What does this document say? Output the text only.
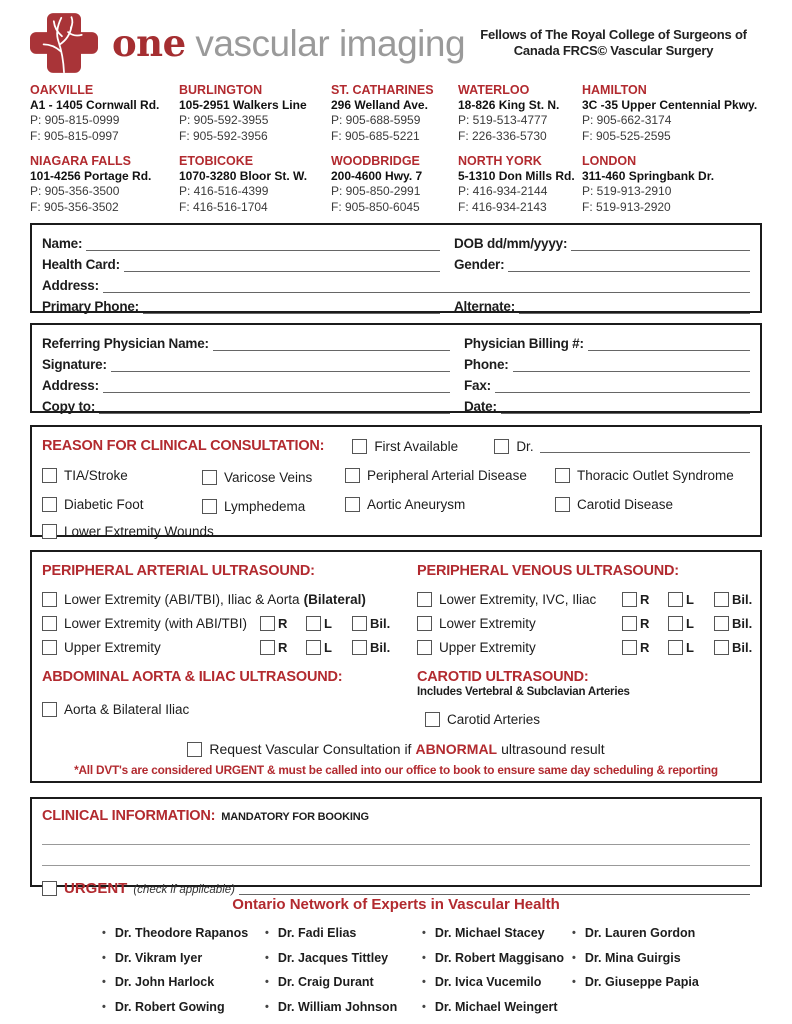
one vascular imaging	Fellows of The Royal College of Surgeons of
Canada FRCS© Vascular Surgery
OAKVILLE
A1 - 1405 Cornwall Rd.
P: 905-815-0999
F: 905-815-0997
BURLINGTON
105-2951 Walkers Line
P: 905-592-3955
F: 905-592-3956
ST. CATHARINES
296 Welland Ave.
P: 905-688-5959
F: 905-685-5221
WATERLOO
18-826 King St. N.
P: 519-513-4777
F: 226-336-5730
HAMILTON
3C -35 Upper Centennial Pkwy.
P: 905-662-3174
F: 905-525-2595
NIAGARA FALLS
101-4256 Portage Rd.
P: 905-356-3500
F: 905-356-3502
ETOBICOKE
1070-3280 Bloor St. W.
P: 416-516-4399
F: 416-516-1704
WOODBRIDGE
200-4600 Hwy. 7
P: 905-850-2991
F: 905-850-6045
NORTH YORK
5-1310 Don Mills Rd.
P: 416-934-2144
F: 416-934-2143
LONDON
311-460 Springbank Dr.
P: 519-913-2910
F: 519-913-2920
Name:	DOB dd/mm/yyyy:
Health Card:	Gender:
Address:
Primary Phone:	Alternate:
Referring Physician Name:	Physician Billing #:
Signature:	Phone:
Address:	Fax:
Copy to:	Date:
REASON FOR CLINICAL CONSULTATION:	First Available	Dr.
TIA/Stroke	Varicose Veins	Peripheral Arterial Disease	Thoracic Outlet Syndrome
Diabetic Foot	Lymphedema	Aortic Aneurysm	Carotid Disease
Lower Extremity Wounds
PERIPHERAL ARTERIAL ULTRASOUND:
Lower Extremity (ABI/TBI), Iliac & Aorta (Bilateral)
Lower Extremity (with ABI/TBI) R	L	Bil.
Upper Extremity	R	L	Bil.
PERIPHERAL VENOUS ULTRASOUND:
Lower Extremity, IVC, Iliac	R	L	Bil.
Lower Extremity	R	L	Bil.
Upper Extremity	R	L	Bil.
ABDOMINAL AORTA & ILIAC ULTRASOUND:
Aorta & Bilateral Iliac
CAROTID ULTRASOUND:
Includes Vertebral & Subclavian Arteries
Carotid Arteries
Request Vascular Consultation if ABNORMAL ultrasound result
*All DVT's are considered URGENT & must be called into our office to book to ensure same day scheduling & reporting
CLINICAL INFORMATION: MANDATORY FOR BOOKING
URGENT (check if applicable)
Ontario Network of Experts in Vascular Health
•
Dr. Theodore Rapanos
•
Dr. Vikram Iyer
•
Dr. John Harlock
•
Dr. Robert Gowing
•
Dr. Fadi Elias
•
Dr. Jacques Tittley
•
Dr. Craig Durant
•
Dr. William Johnson
•
Dr. Michael Stacey
•
Dr. Robert Maggisano
•
Dr. Ivica Vucemilo
•
Dr. Michael Weingert
•
Dr. Lauren Gordon
•
Dr. Mina Guirgis
•
Dr. Giuseppe Papia
